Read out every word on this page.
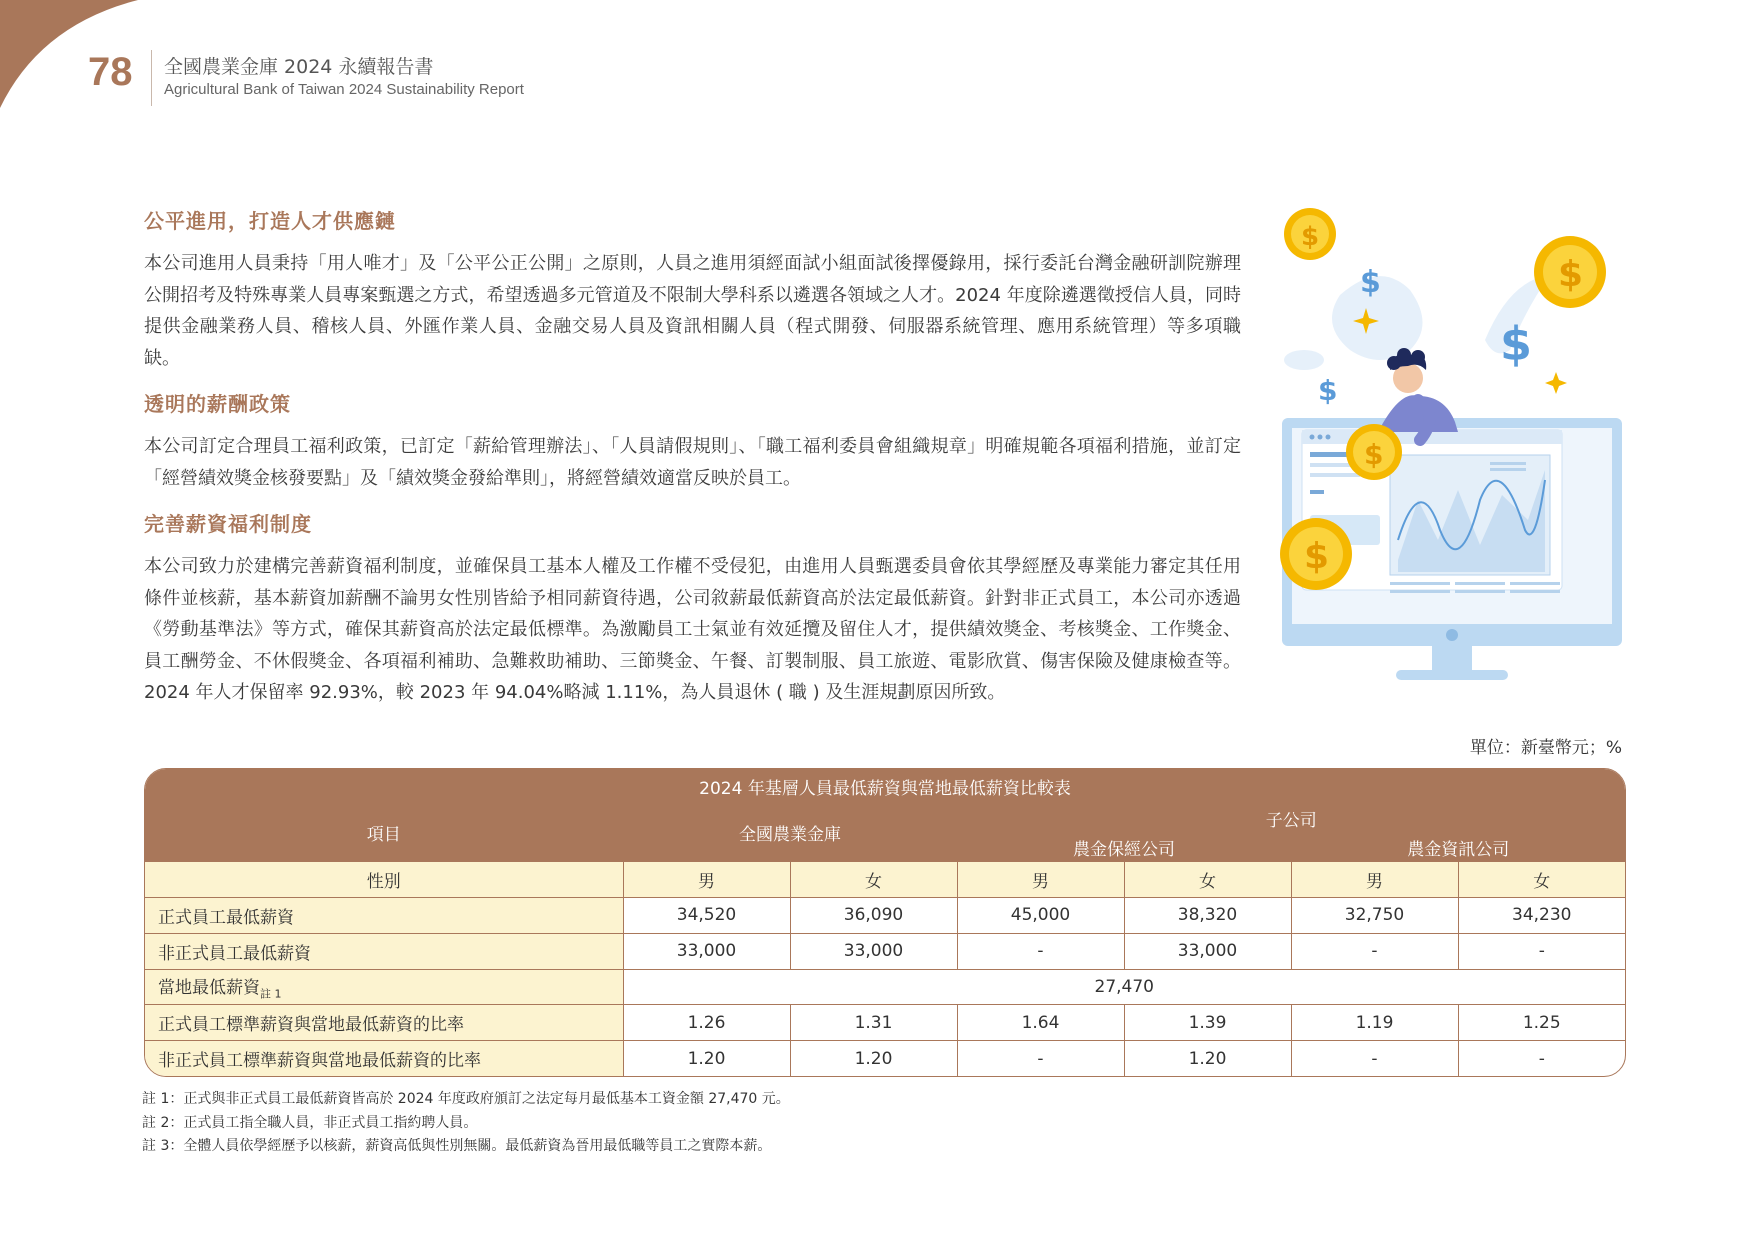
78 全國農業金庫 2024 永續報告書
Agricultural Bank of Taiwan 2024 Sustainability Report
公平進用，打造人才供應鏈

本公司進用人員秉持「用人唯才」及「公平公正公開」之原則，人員之進用須經面試小組面試後擇優錄用，採行委託台灣金融研訓院辦理公開招考及特殊專業人員專案甄選之方式，希望透過多元管道及不限制大學科系以遴選各領域之人才。2024 年度除遴選徵授信人員，同時提供金融業務人員、稽核人員、外匯作業人員、金融交易人員及資訊相關人員（程式開發、伺服器系統管理、應用系統管理）等多項職缺。

透明的薪酬政策

本公司訂定合理員工福利政策，已訂定「薪給管理辦法」、「人員請假規則」、「職工福利委員會組織規章」明確規範各項福利措施，並訂定「經營績效獎金核發要點」及「績效獎金發給準則」，將經營績效適當反映於員工。

完善薪資福利制度

本公司致力於建構完善薪資福利制度，並確保員工基本人權及工作權不受侵犯，由進用人員甄選委員會依其學經歷及專業能力審定其任用條件並核薪，基本薪資加薪酬不論男女性別皆給予相同薪資待遇，公司敘薪最低薪資高於法定最低薪資。針對非正式員工，本公司亦透過《勞動基準法》等方式，確保其薪資高於法定最低標準。為激勵員工士氣並有效延攬及留住人才，提供績效獎金、考核獎金、工作獎金、員工酬勞金、不休假獎金、各項福利補助、急難救助補助、三節獎金、午餐、訂製制服、員工旅遊、電影欣賞、傷害保險及健康檢查等。2024 年人才保留率 92.93%，較 2023 年 94.04%略減 1.11%，為人員退休 ( 職 ) 及生涯規劃原因所致。

$
$
$
$
$
$
$
單位：新臺幣元；%
2024 年基層人員最低薪資與當地最低薪資比較表						
項目	全國農業金庫		子公司			
			農金保經公司		農金資訊公司	
性別	男	女	男	女	男	女
正式員工最低薪資	34,520	36,090	45,000	38,320	32,750	34,230
非正式員工最低薪資	33,000	33,000	-	33,000	-	-
當地最低薪資$_{註 1}$	27,470					
正式員工標準薪資與當地最低薪資的比率	1.26	1.31	1.64	1.39	1.19	1.25
非正式員工標準薪資與當地最低薪資的比率	1.20	1.20	-	1.20	-	-
註 1：正式與非正式員工最低薪資皆高於 2024 年度政府頒訂之法定每月最低基本工資金額 27,470 元。
註 2：正式員工指全職人員，非正式員工指約聘人員。
註 3：全體人員依學經歷予以核薪，薪資高低與性別無關。最低薪資為晉用最低職等員工之實際本薪。
